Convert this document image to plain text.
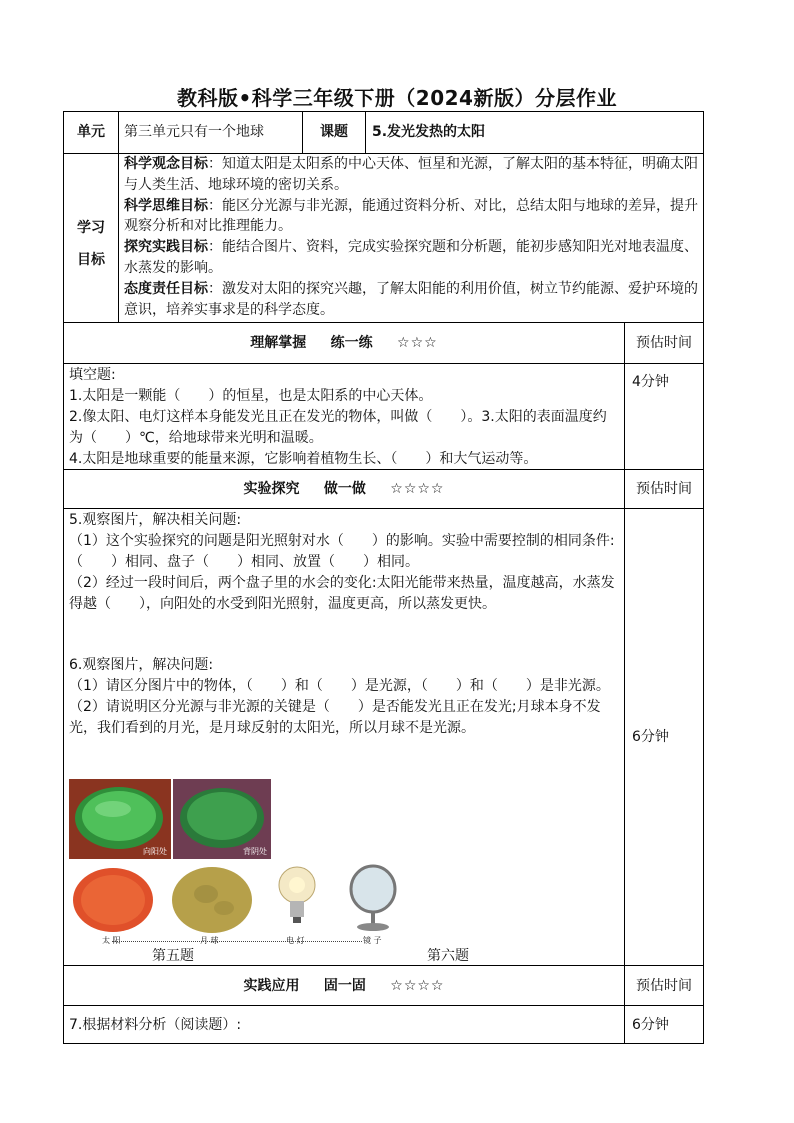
教科版•科学三年级下册（2024新版）分层作业
单元	第三单元只有一个地球	课题	5.发光发热的太阳
学习
目标
科学观念目标：知道太阳是太阳系的中心天体、恒星和光源，了解太阳的基本特征，明确太阳与人类生活、地球环境的密切关系。
科学思维目标：能区分光源与非光源，能通过资料分析、对比，总结太阳与地球的差异，提升观察分析和对比推理能力。
探究实践目标：能结合图片、资料，完成实验探究题和分析题，能初步感知阳光对地表温度、水蒸发的影响。
态度责任目标：激发对太阳的探究兴趣，了解太阳能的利用价值，树立节约能源、爱护环境的意识，培养实事求是的科学态度。
理解掌握 练一练 ☆☆☆	预估时间
填空题:
1.太阳是一颗能（　　）的恒星，也是太阳系的中心天体。
2.像太阳、电灯这样本身能发光且正在发光的物体，叫做（　　）。3.太阳的表面温度约为（　　）℃，给地球带来光明和温暖。
4.太阳是地球重要的能量来源，它影响着植物生长、（　　）和大气运动等。
4分钟
实验探究 做一做 ☆☆☆☆	预估时间
5.观察图片，解决相关问题:
（1）这个实验探究的问题是阳光照射对水（　　）的影响。实验中需要控制的相同条件:（　　）相同、盘子（　　）相同、放置（　　）相同。
（2）经过一段时间后，两个盘子里的水会的变化:太阳光能带来热量，温度越高，水蒸发得越（　　），向阳处的水受到阳光照射，温度更高，所以蒸发更快。
6.观察图片，解决问题:
（1）请区分图片中的物体，（　　）和（　　）是光源，（　　）和（　　）是非光源。
（2）请说明区分光源与非光源的关键是（　　）是否能发光且正在发光;月球本身不发光，我们看到的月光，是月球反射的太阳光，所以月球不是光源。
6分钟
向阳处	背阴处
太 阳	月 球	电 灯	镜 子
第五题	第六题
实践应用 固一固 ☆☆☆☆	预估时间
7.根据材料分析（阅读题）:	6分钟
